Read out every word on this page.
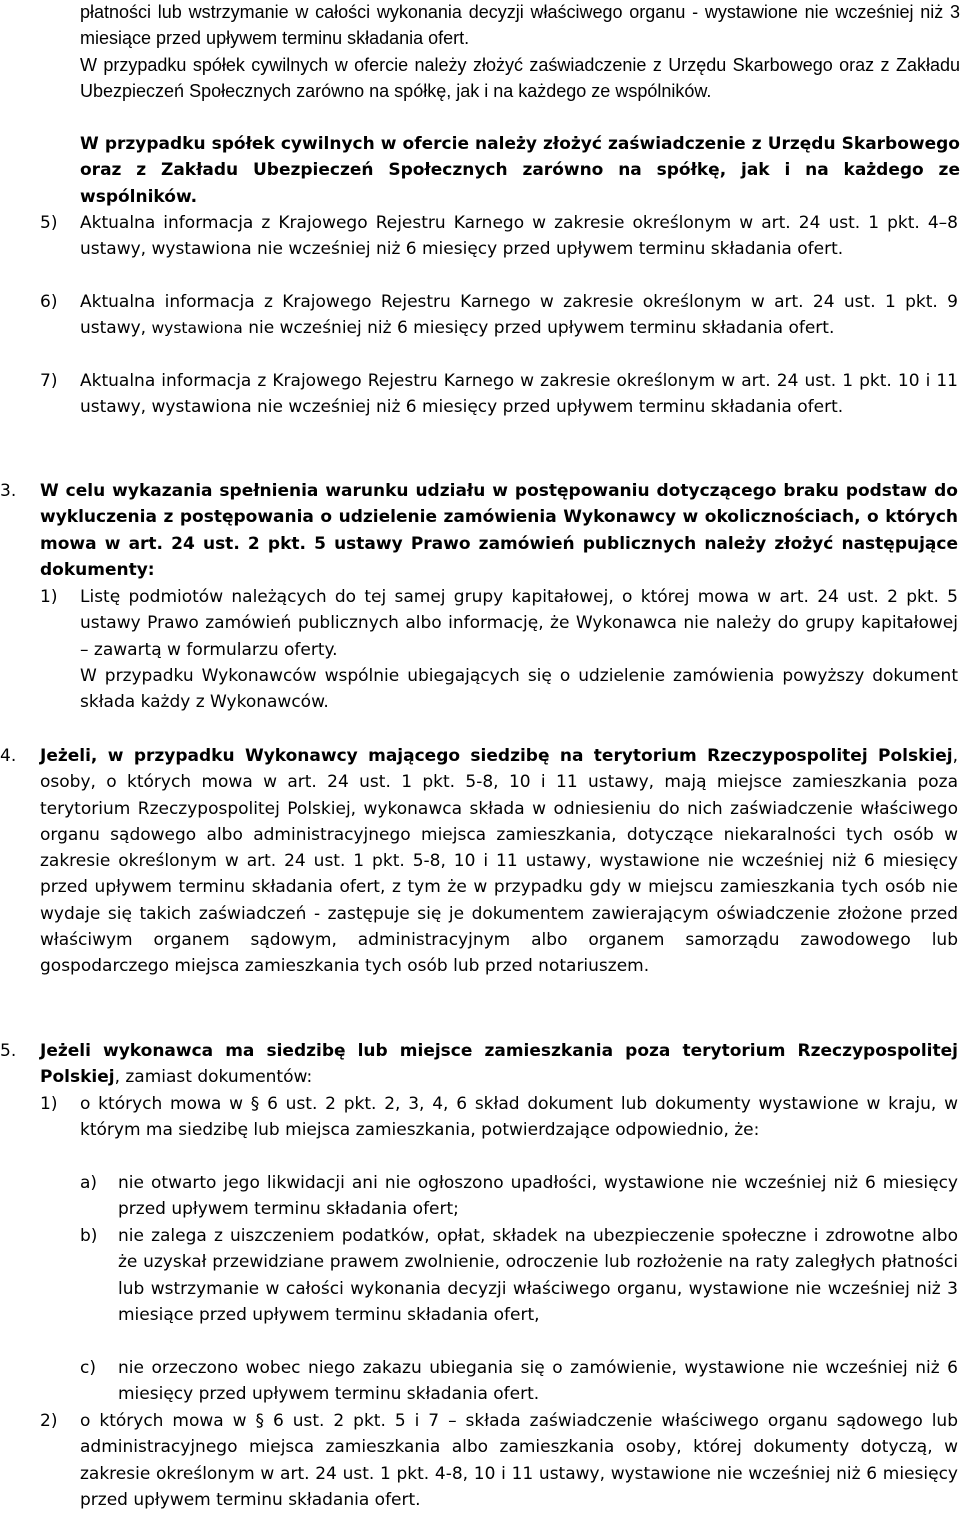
płatności lub wstrzymanie w całości wykonania decyzji właściwego organu - wystawione nie wcześniej niż 3 miesiące przed upływem terminu składania ofert.

W przypadku spółek cywilnych w ofercie należy złożyć zaświadczenie z Urzędu Skarbowego oraz z Zakładu Ubezpieczeń Społecznych zarówno na spółkę, jak i na każdego ze wspólników.

W przypadku spółek cywilnych w ofercie należy złożyć zaświadczenie z Urzędu Skarbowego oraz z Zakładu Ubezpieczeń Społecznych zarówno na spółkę, jak i na każdego ze wspólników.

5) Aktualna informacja z Krajowego Rejestru Karnego w zakresie określonym w art. 24 ust. 1 pkt. 4–8 ustawy, wystawiona nie wcześniej niż 6 miesięcy przed upływem terminu składania ofert.

6) Aktualna informacja z Krajowego Rejestru Karnego w zakresie określonym w art. 24 ust. 1 pkt. 9 ustawy, wystawiona nie wcześniej niż 6 miesięcy przed upływem terminu składania ofert.

7) Aktualna informacja z Krajowego Rejestru Karnego w zakresie określonym w art. 24 ust. 1 pkt. 10 i 11 ustawy, wystawiona nie wcześniej niż 6 miesięcy przed upływem terminu składania ofert.

3. W celu wykazania spełnienia warunku udziału w postępowaniu dotyczącego braku podstaw do wykluczenia z postępowania o udzielenie zamówienia Wykonawcy w okolicznościach, o których mowa w art. 24 ust. 2 pkt. 5 ustawy Prawo zamówień publicznych należy złożyć następujące dokumenty:

1) Listę podmiotów należących do tej samej grupy kapitałowej, o której mowa w art. 24 ust. 2 pkt. 5 ustawy Prawo zamówień publicznych albo informację, że Wykonawca nie należy do grupy kapitałowej – zawartą w formularzu oferty.

W przypadku Wykonawców wspólnie ubiegających się o udzielenie zamówienia powyższy dokument składa każdy z Wykonawców.

4. Jeżeli, w przypadku Wykonawcy mającego siedzibę na terytorium Rzeczypospolitej Polskiej, osoby, o których mowa w art. 24 ust. 1 pkt. 5-8, 10 i 11 ustawy, mają miejsce zamieszkania poza terytorium Rzeczypospolitej Polskiej, wykonawca składa w odniesieniu do nich zaświadczenie właściwego organu sądowego albo administracyjnego miejsca zamieszkania, dotyczące niekaralności tych osób w zakresie określonym w art. 24 ust. 1 pkt. 5-8, 10 i 11 ustawy, wystawione nie wcześniej niż 6 miesięcy przed upływem terminu składania ofert, z tym że w przypadku gdy w miejscu zamieszkania tych osób nie wydaje się takich zaświadczeń - zastępuje się je dokumentem zawierającym oświadczenie złożone przed właściwym organem sądowym, administracyjnym albo organem samorządu zawodowego lub gospodarczego miejsca zamieszkania tych osób lub przed notariuszem.

5. Jeżeli wykonawca ma siedzibę lub miejsce zamieszkania poza terytorium Rzeczypospolitej Polskiej, zamiast dokumentów:

1) o których mowa w § 6 ust. 2 pkt. 2, 3, 4, 6 skład dokument lub dokumenty wystawione w kraju, w którym ma siedzibę lub miejsca zamieszkania, potwierdzające odpowiednio, że:

a) nie otwarto jego likwidacji ani nie ogłoszono upadłości, wystawione nie wcześniej niż 6 miesięcy przed upływem terminu składania ofert;

b) nie zalega z uiszczeniem podatków, opłat, składek na ubezpieczenie społeczne i zdrowotne albo że uzyskał przewidziane prawem zwolnienie, odroczenie lub rozłożenie na raty zaległych płatności lub wstrzymanie w całości wykonania decyzji właściwego organu, wystawione nie wcześniej niż 3 miesiące przed upływem terminu składania ofert,

c) nie orzeczono wobec niego zakazu ubiegania się o zamówienie, wystawione nie wcześniej niż 6 miesięcy przed upływem terminu składania ofert.

2) o których mowa w § 6 ust. 2 pkt. 5 i 7 – składa zaświadczenie właściwego organu sądowego lub administracyjnego miejsca zamieszkania albo zamieszkania osoby, której dokumenty dotyczą, w zakresie określonym w art. 24 ust. 1 pkt. 4-8, 10 i 11 ustawy, wystawione nie wcześniej niż 6 miesięcy przed upływem terminu składania ofert.
